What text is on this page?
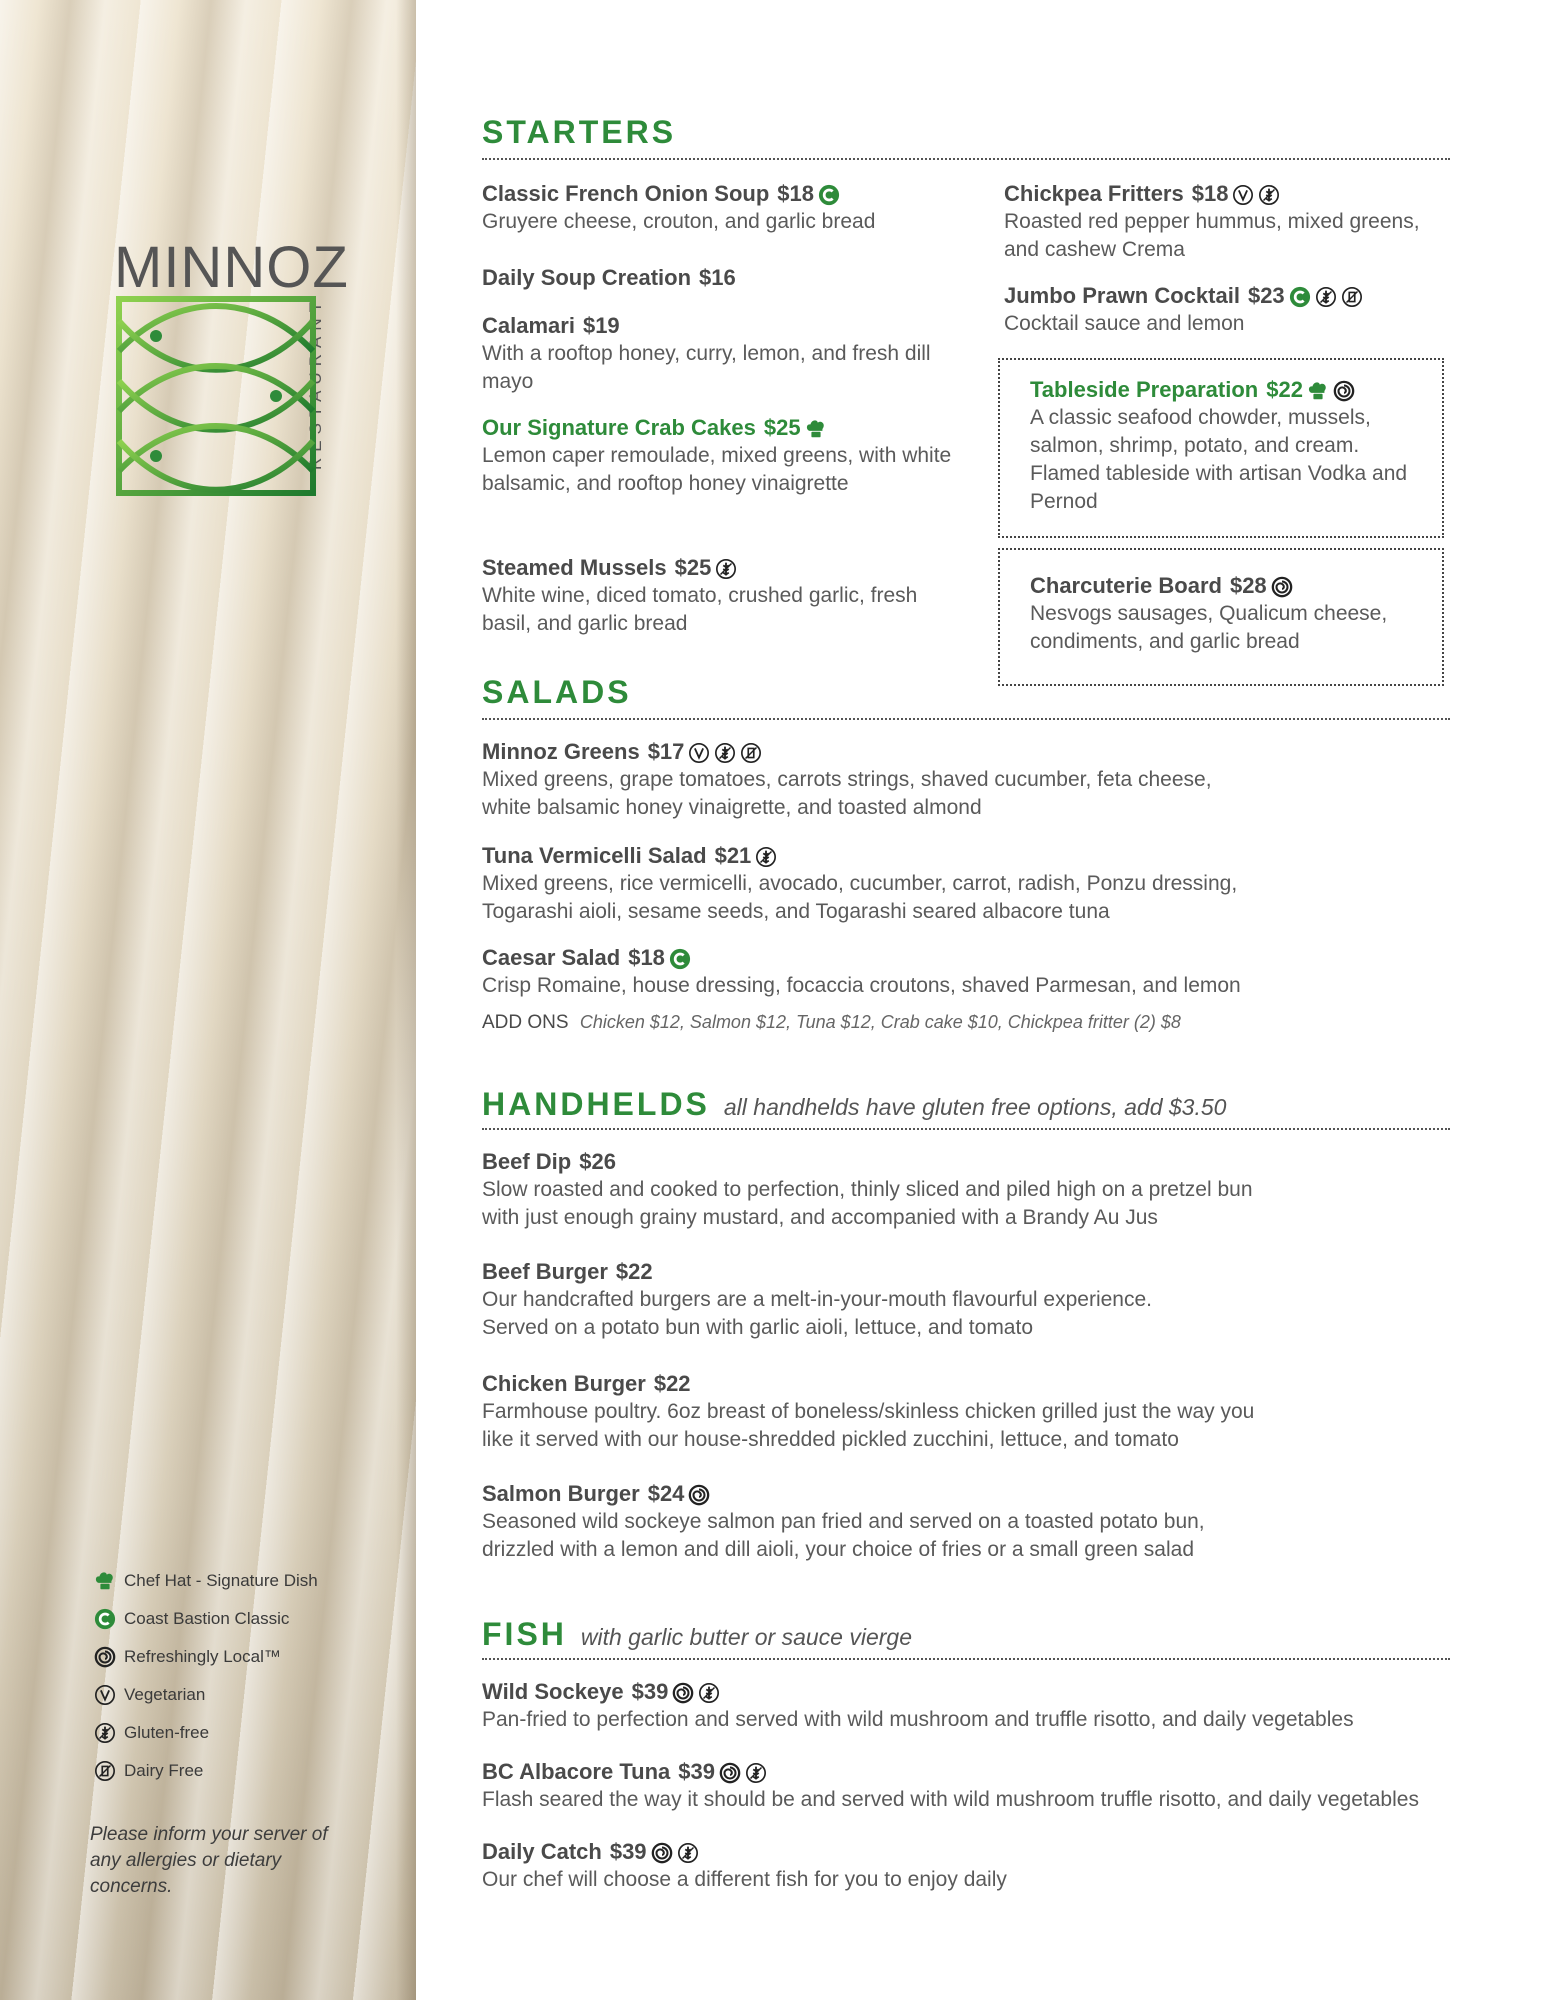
MINNOZ
RESTAURANT
Chef Hat - Signature Dish
Coast Bastion Classic
Refreshingly Local™
Vegetarian
Gluten-free
Dairy Free
Please inform your server of any allergies or dietary concerns.
STARTERS
Classic French Onion Soup $18
Gruyere cheese, crouton, and garlic bread
Daily Soup Creation $16
Calamari $19
With a rooftop honey, curry, lemon, and fresh dill mayo
Our Signature Crab Cakes $25
Lemon caper remoulade, mixed greens, with white balsamic, and rooftop honey vinaigrette
Steamed Mussels $25
White wine, diced tomato, crushed garlic, fresh basil, and garlic bread
Chickpea Fritters $18
Roasted red pepper hummus, mixed greens, and cashew Crema
Jumbo Prawn Cocktail $23
Cocktail sauce and lemon
Tableside Preparation $22
A classic seafood chowder, mussels, salmon, shrimp, potato, and cream. Flamed tableside with artisan Vodka and Pernod
Charcuterie Board $28
Nesvogs sausages, Qualicum cheese, condiments, and garlic bread
SALADS
Minnoz Greens $17
Mixed greens, grape tomatoes, carrots strings, shaved cucumber, feta cheese,
white balsamic honey vinaigrette, and toasted almond
Tuna Vermicelli Salad $21
Mixed greens, rice vermicelli, avocado, cucumber, carrot, radish, Ponzu dressing,
Togarashi aioli, sesame seeds, and Togarashi seared albacore tuna
Caesar Salad $18
Crisp Romaine, house dressing, focaccia croutons, shaved Parmesan, and lemon
ADD ONS Chicken $12, Salmon $12, Tuna $12, Crab cake $10, Chickpea fritter (2) $8
HANDHELDS all handhelds have gluten free options, add $3.50
Beef Dip $26
Slow roasted and cooked to perfection, thinly sliced and piled high on a pretzel bun
with just enough grainy mustard, and accompanied with a Brandy Au Jus
Beef Burger $22
Our handcrafted burgers are a melt-in-your-mouth flavourful experience.
Served on a potato bun with garlic aioli, lettuce, and tomato
Chicken Burger $22
Farmhouse poultry. 6oz breast of boneless/skinless chicken grilled just the way you
like it served with our house-shredded pickled zucchini, lettuce, and tomato
Salmon Burger $24
Seasoned wild sockeye salmon pan fried and served on a toasted potato bun,
drizzled with a lemon and dill aioli, your choice of fries or a small green salad
FISH with garlic butter or sauce vierge
Wild Sockeye $39
Pan-fried to perfection and served with wild mushroom and truffle risotto, and daily vegetables
BC Albacore Tuna $39
Flash seared the way it should be and served with wild mushroom truffle risotto, and daily vegetables
Daily Catch $39
Our chef will choose a different fish for you to enjoy daily
